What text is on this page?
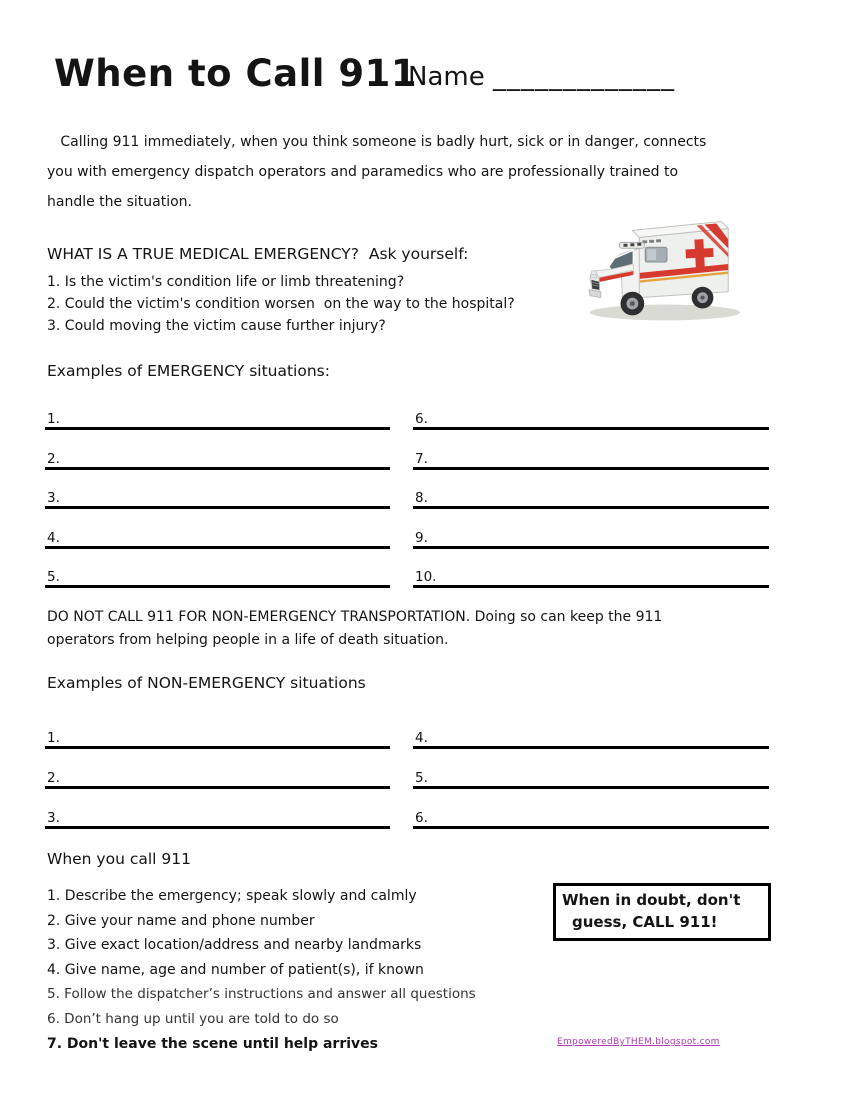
When to Call 911
Name _____________
Calling 911 immediately, when you think someone is badly hurt, sick or in danger, connects
you with emergency dispatch operators and paramedics who are professionally trained to
handle the situation.
WHAT IS A TRUE MEDICAL EMERGENCY?  Ask yourself:
1. Is the victim's condition life or limb threatening?
2. Could the victim's condition worsen  on the way to the hospital?
3. Could moving the victim cause further injury?
Examples of EMERGENCY situations:
1.
2.
3.
4.
5.
6.
7.
8.
9.
10.
DO NOT CALL 911 FOR NON-EMERGENCY TRANSPORTATION. Doing so can keep the 911
operators from helping people in a life of death situation.
Examples of NON-EMERGENCY situations
1.
2.
3.
4.
5.
6.
When you call 911
1. Describe the emergency; speak slowly and calmly
2. Give your name and phone number
3. Give exact location/address and nearby landmarks
4. Give name, age and number of patient(s), if known
5. Follow the dispatcher’s instructions and answer all questions
6. Don’t hang up until you are told to do so
7. Don't leave the scene until help arrives
When in doubt, don't
guess, CALL 911!
EmpoweredByTHEM.blogspot.com
